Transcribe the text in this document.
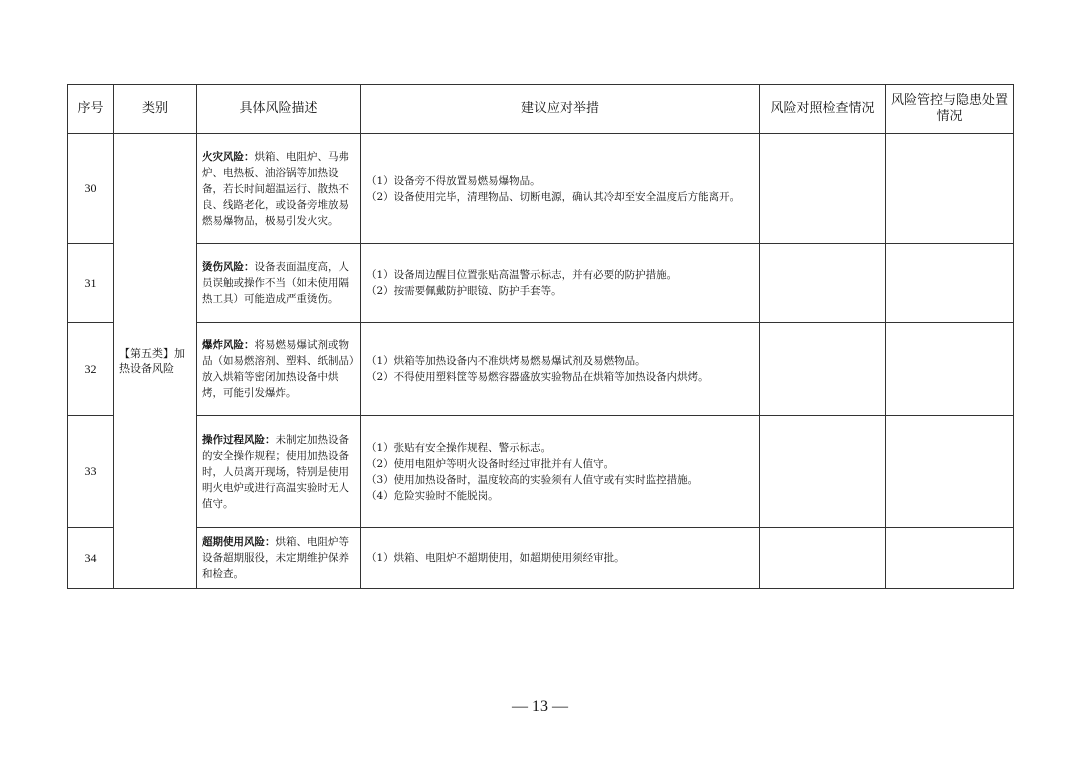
序号	类别	具体风险描述	建议应对举措	风险对照检查情况	风险管控与隐患处置情况
30	【第五类】加热设备风险	火灾风险：烘箱、电阻炉、马弗炉、电热板、油浴锅等加热设备，若长时间超温运行、散热不良、线路老化，或设备旁堆放易燃易爆物品，极易引发火灾。	（1）设备旁不得放置易燃易爆物品。
（2）设备使用完毕，清理物品、切断电源，确认其冷却至安全温度后方能离开。		

31		烫伤风险：设备表面温度高，人员误触或操作不当（如未使用隔热工具）可能造成严重烫伤。	（1）设备周边醒目位置张贴高温警示标志，并有必要的防护措施。
（2）按需要佩戴防护眼镜、防护手套等。		

32		爆炸风险：将易燃易爆试剂或物品（如易燃溶剂、塑料、纸制品）放入烘箱等密闭加热设备中烘烤，可能引发爆炸。	（1）烘箱等加热设备内不准烘烤易燃易爆试剂及易燃物品。
（2）不得使用塑料筐等易燃容器盛放实验物品在烘箱等加热设备内烘烤。		

33		操作过程风险：未制定加热设备的安全操作规程；使用加热设备时，人员离开现场，特别是使用明火电炉或进行高温实验时无人值守。	（1）张贴有安全操作规程、警示标志。
（2）使用电阻炉等明火设备时经过审批并有人值守。
（3）使用加热设备时，温度较高的实验须有人值守或有实时监控措施。
（4）危险实验时不能脱岗。		

34		超期使用风险：烘箱、电阻炉等设备超期服役，未定期维护保养和检查。	（1）烘箱、电阻炉不超期使用，如超期使用须经审批。		

— 13 —
